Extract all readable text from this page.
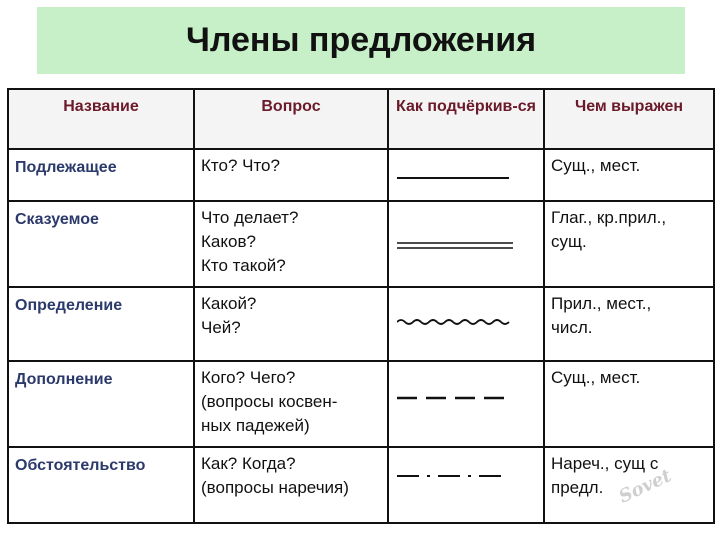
Члены предложения
Название	Вопрос	Как подчёркив-ся	Чем выражен
Подлежащее	Кто? Что?		Сущ., мест.

Сказуемое	Что делает?
Каков?
Кто такой?		Глаг., кр.прил.,
сущ.

Определение	Какой?
Чей?		Прил., мест.,
числ.

Дополнение	Кого? Чего?
(вопросы косвен-
ных падежей)		Сущ., мест.

Обстоятельство	Как? Когда?
(вопросы наречия)		Нареч., сущ с
предл. Sovet
